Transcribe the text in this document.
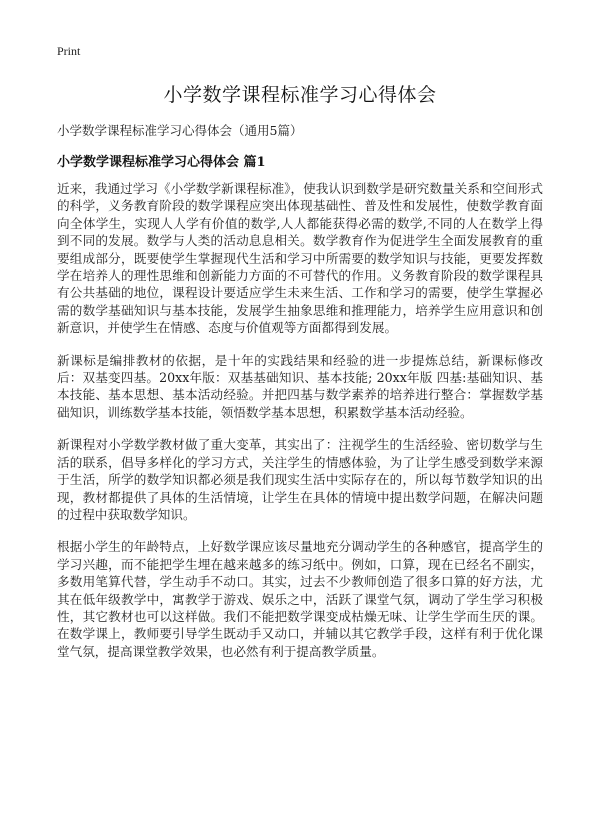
Print
小学数学课程标准学习心得体会

小学数学课程标准学习心得体会（通用5篇）

小学数学课程标准学习心得体会 篇1

近来，我通过学习《小学数学新课程标准》，使我认识到数学是研究数量关系和空间形式的科学，义务教育阶段的数学课程应突出体现基础性、普及性和发展性，使数学教育面向全体学生，实现人人学有价值的数学,人人都能获得必需的数学,不同的人在数学上得到不同的发展。数学与人类的活动息息相关。数学教育作为促进学生全面发展教育的重要组成部分，既要使学生掌握现代生活和学习中所需要的数学知识与技能，更要发挥数学在培养人的理性思维和创新能力方面的不可替代的作用。义务教育阶段的数学课程具有公共基础的地位，课程设计要适应学生未来生活、工作和学习的需要，使学生掌握必需的数学基础知识与基本技能，发展学生抽象思维和推理能力，培养学生应用意识和创新意识，并使学生在情感、态度与价值观等方面都得到发展。

新课标是编排教材的依据，是十年的实践结果和经验的进一步提炼总结，新课标修改后：双基变四基。20xx年版：双基基础知识、基本技能; 20xx年版 四基:基础知识、基本技能、基本思想、基本活动经验。并把四基与数学素养的培养进行整合：掌握数学基础知识，训练数学基本技能，领悟数学基本思想，积累数学基本活动经验。

新课程对小学数学教材做了重大变革，其实出了：注视学生的生活经验、密切数学与生活的联系，倡导多样化的学习方式，关注学生的情感体验，为了让学生感受到数学来源于生活，所学的数学知识都必须是我们现实生活中实际存在的，所以每节数学知识的出现，教材都提供了具体的生活情境，让学生在具体的情境中提出数学问题，在解决问题的过程中获取数学知识。

根据小学生的年龄特点，上好数学课应该尽量地充分调动学生的各种感官，提高学生的学习兴趣，而不能把学生埋在越来越多的练习纸中。例如，口算，现在已经名不副实，多数用笔算代替，学生动手不动口。其实，过去不少教师创造了很多口算的好方法，尤其在低年级教学中，寓教学于游戏、娱乐之中，活跃了课堂气氛，调动了学生学习积极性，其它教材也可以这样做。我们不能把数学课变成枯燥无味、让学生学而生厌的课。在数学课上，教师要引导学生既动手又动口，并辅以其它教学手段，这样有利于优化课堂气氛，提高课堂教学效果，也必然有利于提高教学质量。
